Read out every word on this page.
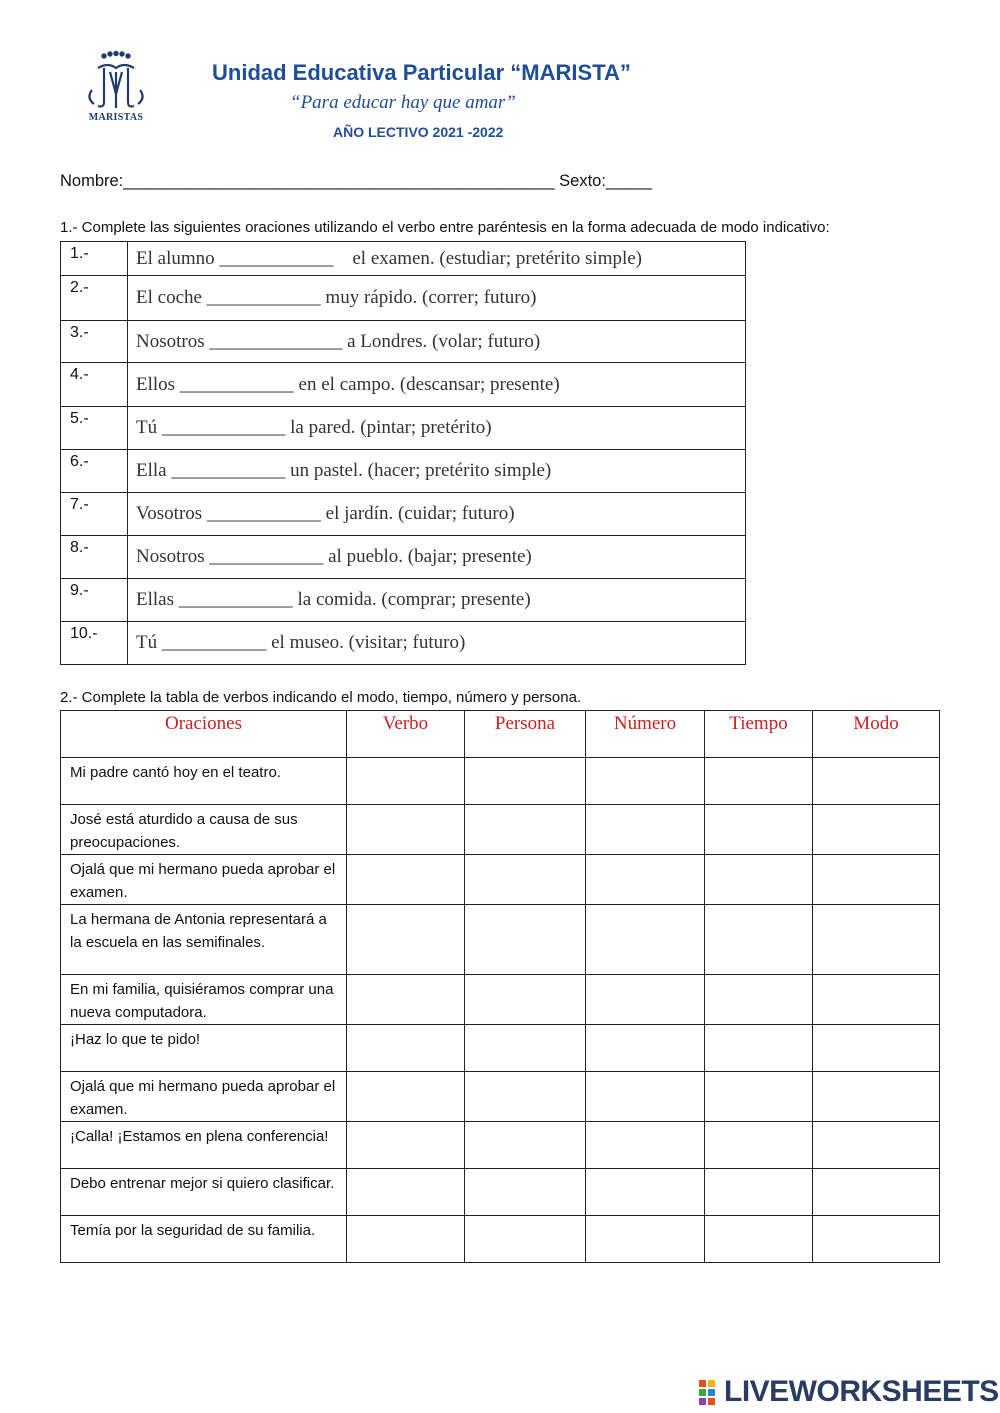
MARISTAS
Unidad Educativa Particular “MARISTA”
“Para educar hay que amar”
AÑO LECTIVO 2021 -2022
Nombre:_______________________________________________ Sexto:_____
1.- Complete las siguientes oraciones utilizando el verbo entre paréntesis en la forma adecuada de modo indicativo:
1.-	El alumno ____________    el examen. (estudiar; pretérito simple)
2.-	El coche ____________ muy rápido. (correr; futuro)
3.-	Nosotros ______________ a Londres. (volar; futuro)
4.-	Ellos ____________ en el campo. (descansar; presente)
5.-	Tú _____________ la pared. (pintar; pretérito)
6.-	Ella ____________ un pastel. (hacer; pretérito simple)
7.-	Vosotros ____________ el jardín. (cuidar; futuro)
8.-	Nosotros ____________ al pueblo. (bajar; presente)
9.-	Ellas ____________ la comida. (comprar; presente)
10.-	Tú ___________ el museo. (visitar; futuro)
2.- Complete la tabla de verbos indicando el modo, tiempo, número y persona.
Oraciones	Verbo	Persona	Número	Tiempo	Modo
Mi padre cantó hoy en el teatro.					
José está aturdido a causa de sus preocupaciones.					
Ojalá que mi hermano pueda aprobar el examen.					
La hermana de Antonia representará a la escuela en las semifinales.					
En mi familia, quisiéramos comprar una nueva computadora.					
¡Haz lo que te pido!					
Ojalá que mi hermano pueda aprobar el examen.					
¡Calla! ¡Estamos en plena conferencia!					
Debo entrenar mejor si quiero clasificar.					
Temía por la seguridad de su familia.					
LIVEWORKSHEETS
